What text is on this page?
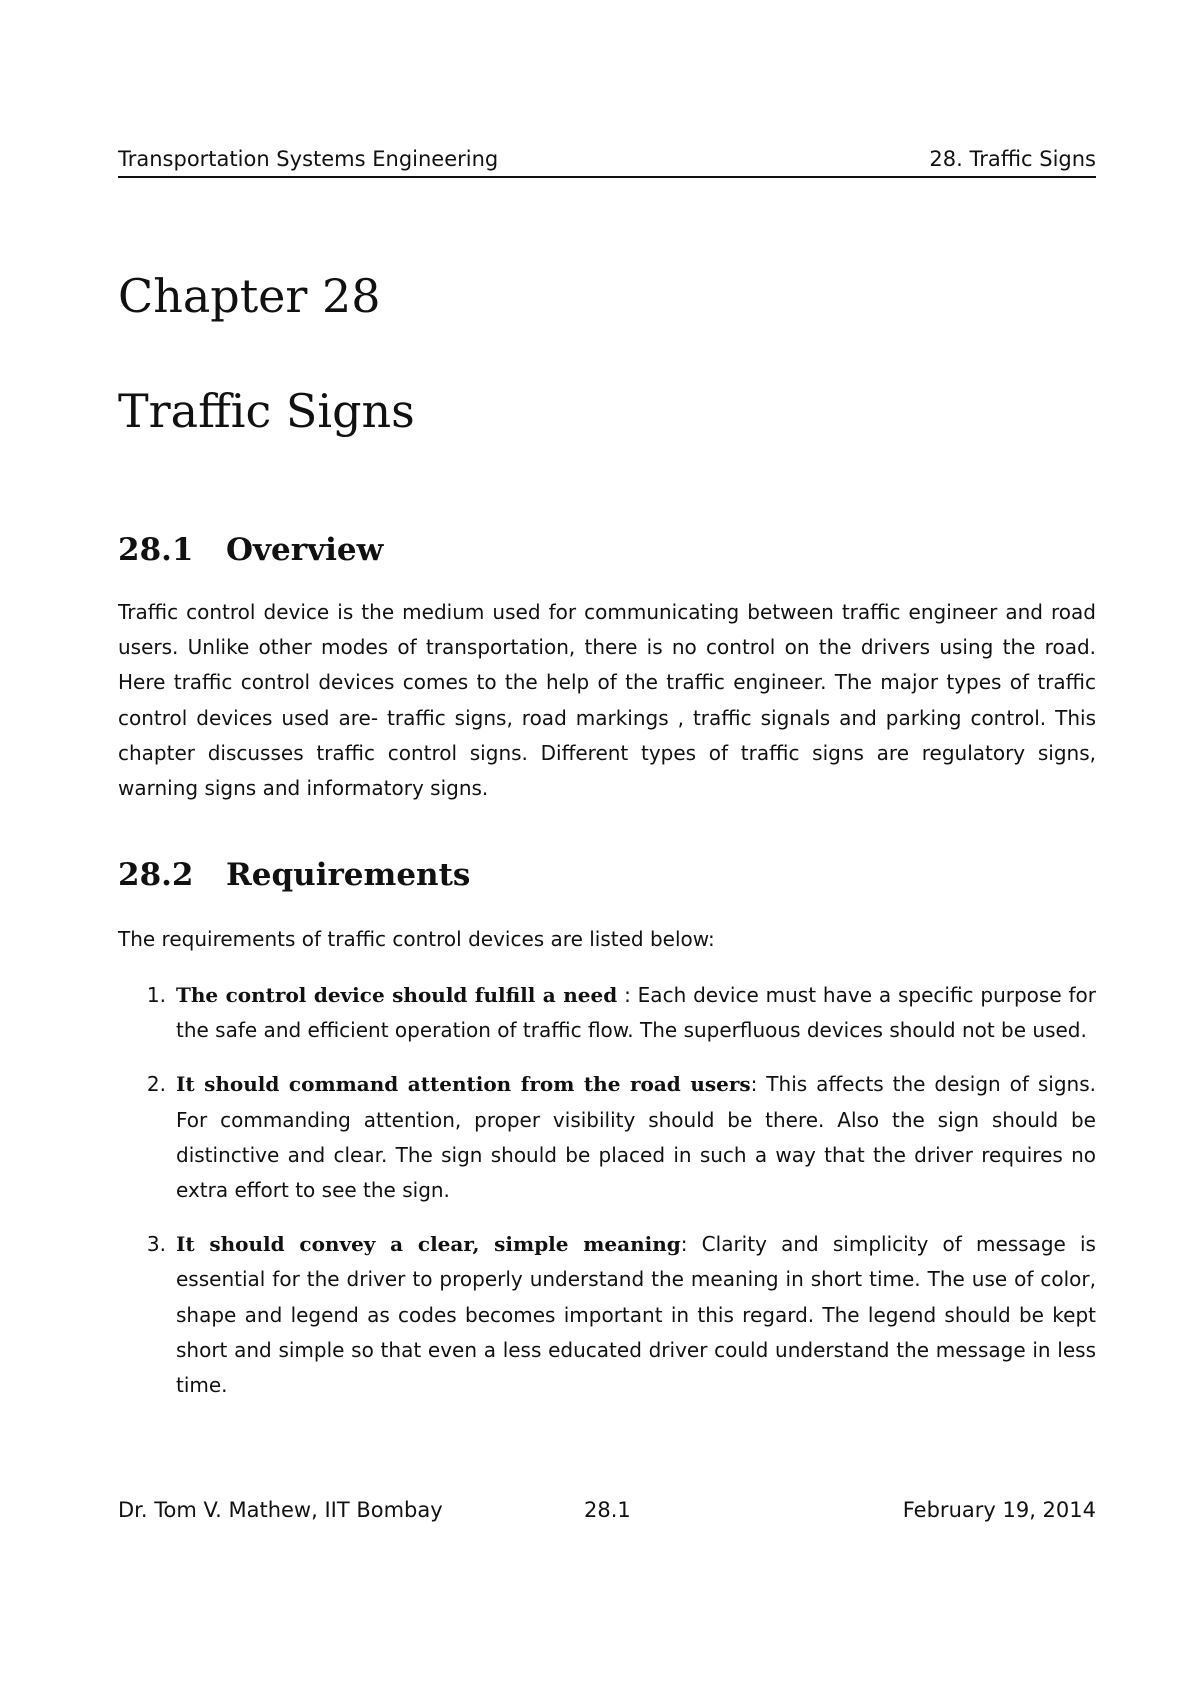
Transportation Systems Engineering	28. Traffic Signs
Chapter 28
Traffic Signs
28.1	Overview

Traffic control device is the medium used for communicating between traffic engineer and road users. Unlike other modes of transportation, there is no control on the drivers using the road. Here traffic control devices comes to the help of the traffic engineer. The major types of traffic control devices used are- traffic signs, road markings , traffic signals and parking control. This chapter discusses traffic control signs. Different types of traffic signs are regulatory signs, warning signs and informatory signs.

28.2	Requirements

The requirements of traffic control devices are listed below:

1. The control device should fulfill a need : Each device must have a specific purpose for the safe and efficient operation of traffic flow. The superfluous devices should not be used.
2. It should command attention from the road users: This affects the design of signs. For commanding attention, proper visibility should be there. Also the sign should be distinctive and clear. The sign should be placed in such a way that the driver requires no extra effort to see the sign.
3. It should convey a clear, simple meaning: Clarity and simplicity of message is essential for the driver to properly understand the meaning in short time. The use of color, shape and legend as codes becomes important in this regard. The legend should be kept short and simple so that even a less educated driver could understand the message in less time.
Dr. Tom V. Mathew, IIT Bombay	28.1	February 19, 2014
